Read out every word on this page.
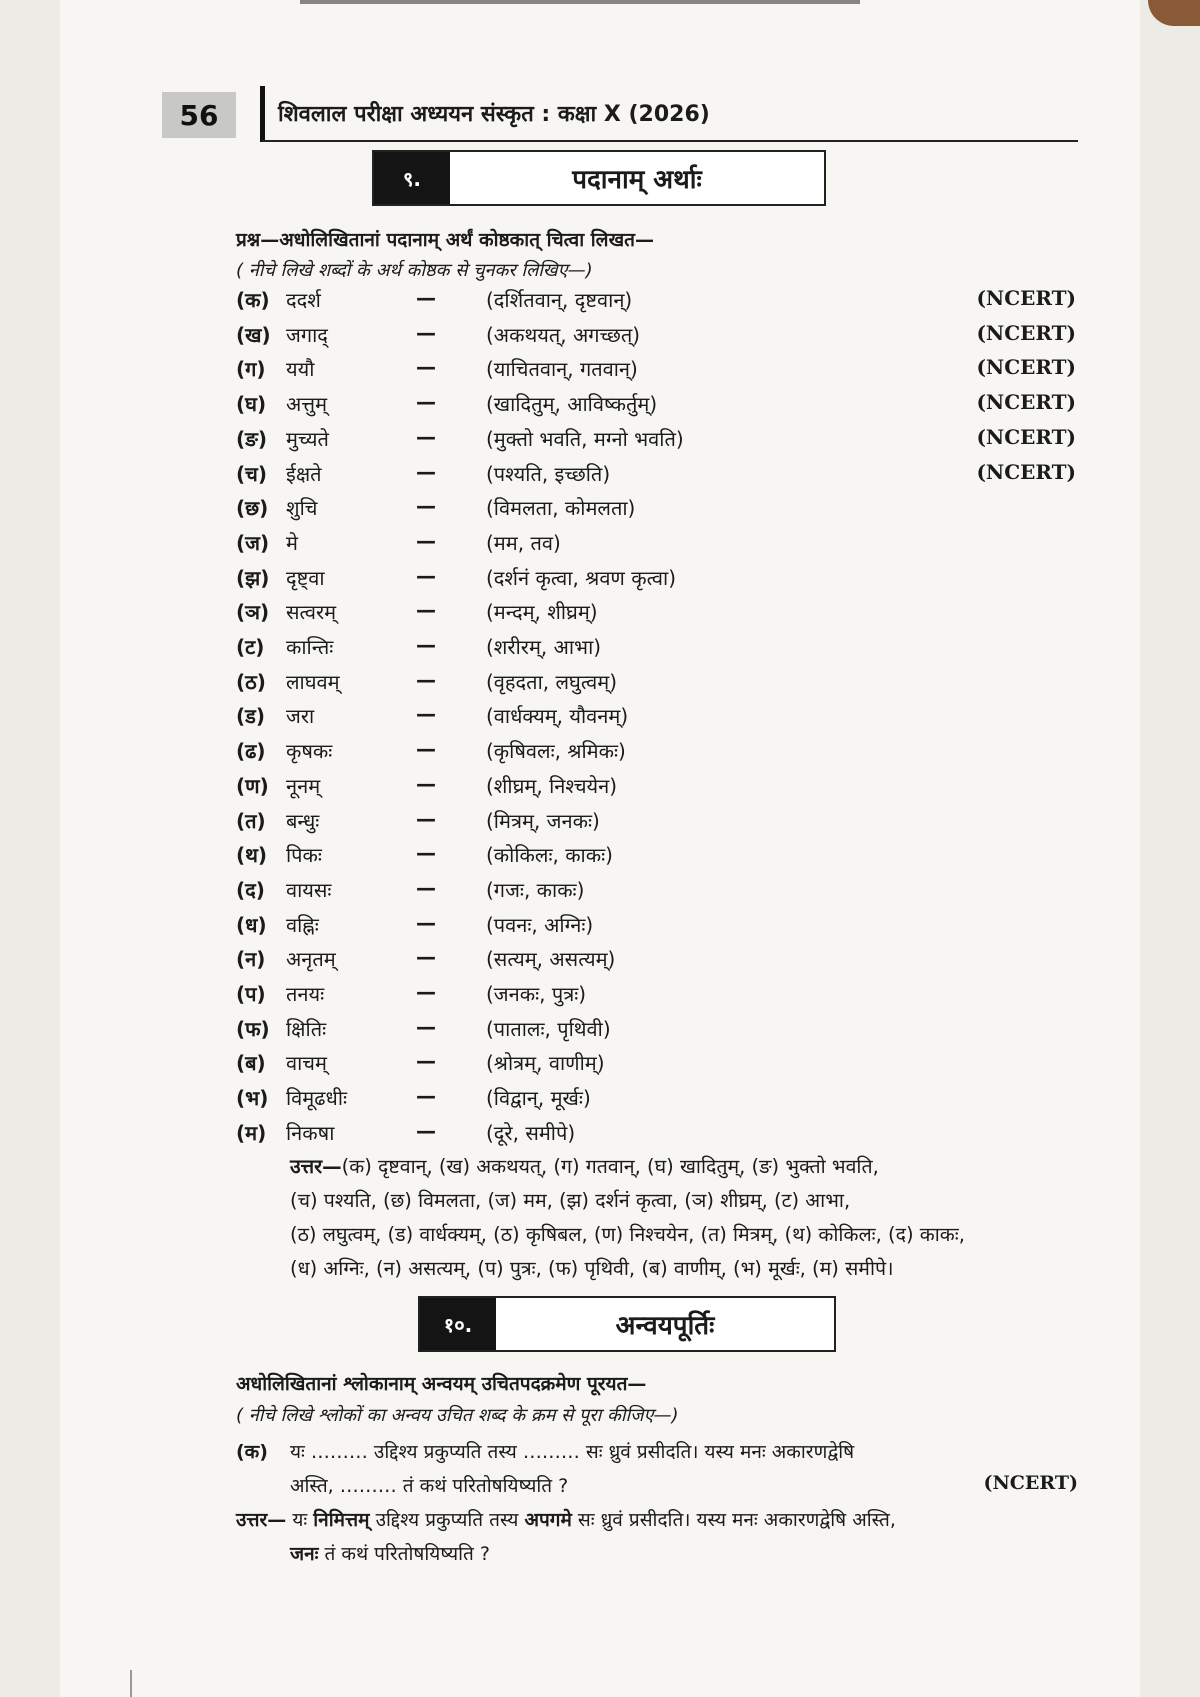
56	शिवलाल परीक्षा अध्ययन संस्कृत : कक्षा X (2026)
९.	पदानाम् अर्थाः
प्रश्न—अधोलिखितानां पदानाम् अर्थं कोष्ठकात् चित्वा लिखत—
( नीचे लिखे शब्दों के अर्थ कोष्ठक से चुनकर लिखिए—)
(क) ददर्श	—	(दर्शितवान्, दृष्टवान्)	(NCERT)
(ख) जगाद्	—	(अकथयत्, अगच्छत्)	(NCERT)
(ग) ययौ	—	(याचितवान्, गतवान्)	(NCERT)
(घ) अत्तुम्	—	(खादितुम्, आविष्कर्तुम्)	(NCERT)
(ङ) मुच्यते	—	(मुक्तो भवति, मग्नो भवति)	(NCERT)
(च) ईक्षते	—	(पश्यति, इच्छति)	(NCERT)
(छ) शुचि	—	(विमलता, कोमलता)
(ज) मे	—	(मम, तव)
(झ) दृष्ट्वा	—	(दर्शनं कृत्वा, श्रवण कृत्वा)
(ञ) सत्वरम्	—	(मन्दम्, शीघ्रम्)
(ट) कान्तिः	—	(शरीरम्, आभा)
(ठ) लाघवम्	—	(वृहदता, लघुत्वम्)
(ड) जरा	—	(वार्धक्यम्, यौवनम्)
(ढ) कृषकः	—	(कृषिवलः, श्रमिकः)
(ण) नूनम्	—	(शीघ्रम्, निश्चयेन)
(त) बन्धुः	—	(मित्रम्, जनकः)
(थ) पिकः	—	(कोकिलः, काकः)
(द) वायसः	—	(गजः, काकः)
(ध) वह्निः	—	(पवनः, अग्निः)
(न) अनृतम्	—	(सत्यम्, असत्यम्)
(प) तनयः	—	(जनकः, पुत्रः)
(फ) क्षितिः	—	(पातालः, पृथिवी)
(ब) वाचम्	—	(श्रोत्रम्, वाणीम्)
(भ) विमूढधीः	—	(विद्वान्, मूर्खः)
(म) निकषा	—	(दूरे, समीपे)
उत्तर—(क) दृष्टवान्, (ख) अकथयत्, (ग) गतवान्, (घ) खादितुम्, (ङ) भुक्तो भवति,
(च) पश्यति, (छ) विमलता, (ज) मम, (झ) दर्शनं कृत्वा, (ञ) शीघ्रम्, (ट) आभा,
(ठ) लघुत्वम्, (ड) वार्धक्यम्, (ठ) कृषिबल, (ण) निश्चयेन, (त) मित्रम्, (थ) कोकिलः, (द) काकः,
(ध) अग्निः, (न) असत्यम्, (प) पुत्रः, (फ) पृथिवी, (ब) वाणीम्, (भ) मूर्खः, (म) समीपे।
१०.	अन्वयपूर्तिः
अधोलिखितानां श्लोकानाम् अन्वयम् उचितपदक्रमेण पूरयत—
( नीचे लिखे श्लोकों का अन्वय उचित शब्द के क्रम से पूरा कीजिए—)
(क) यः ……… उद्दिश्य प्रकुप्यति तस्य ……… सः ध्रुवं प्रसीदति। यस्य मनः अकारणद्वेषि
अस्ति, ……… तं कथं परितोषयिष्यति ?	(NCERT)
उत्तर— यः निमित्तम् उद्दिश्य प्रकुप्यति तस्य अपगमे सः ध्रुवं प्रसीदति। यस्य मनः अकारणद्वेषि अस्ति,
जनः तं कथं परितोषयिष्यति ?
